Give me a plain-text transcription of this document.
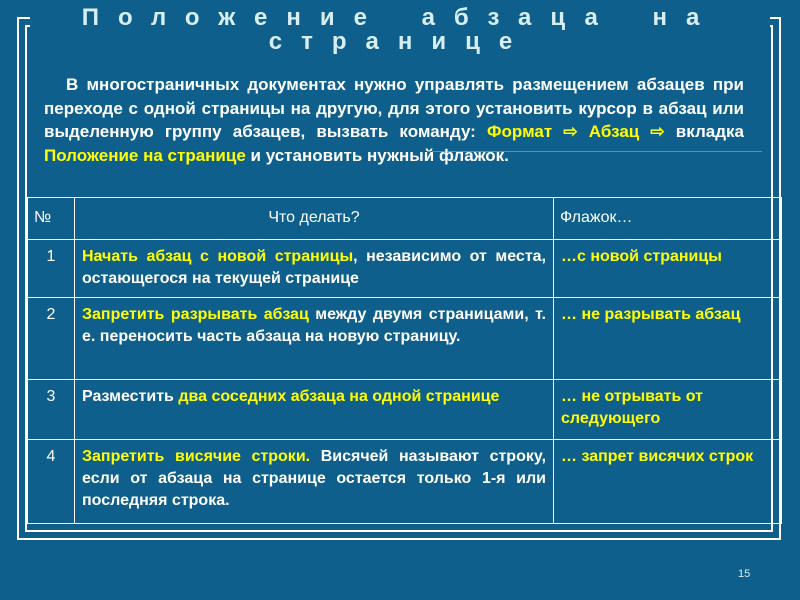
Положение абзаца на странице
В многостраничных документах нужно управлять размещением абзацев при переходе с одной страницы на другую, для этого установить курсор в абзац или выделенную группу абзацев, вызвать команду: Формат ⇨ Абзац ⇨ вкладка Положение на странице и установить нужный флажок.
№	Что делать?	Флажок…
1	Начать абзац с новой страницы, независимо от места, остающегося на текущей странице	…с новой страницы
2	Запретить разрывать абзац между двумя страницами, т. е. переносить часть абзаца на новую страницу.	… не разрывать абзац
3	Разместить два соседних абзаца на одной странице	… не отрывать от следующего
4	Запретить висячие строки. Висячей называют строку, если от абзаца на странице остается только 1-я или последняя строка.	… запрет висячих строк
15
